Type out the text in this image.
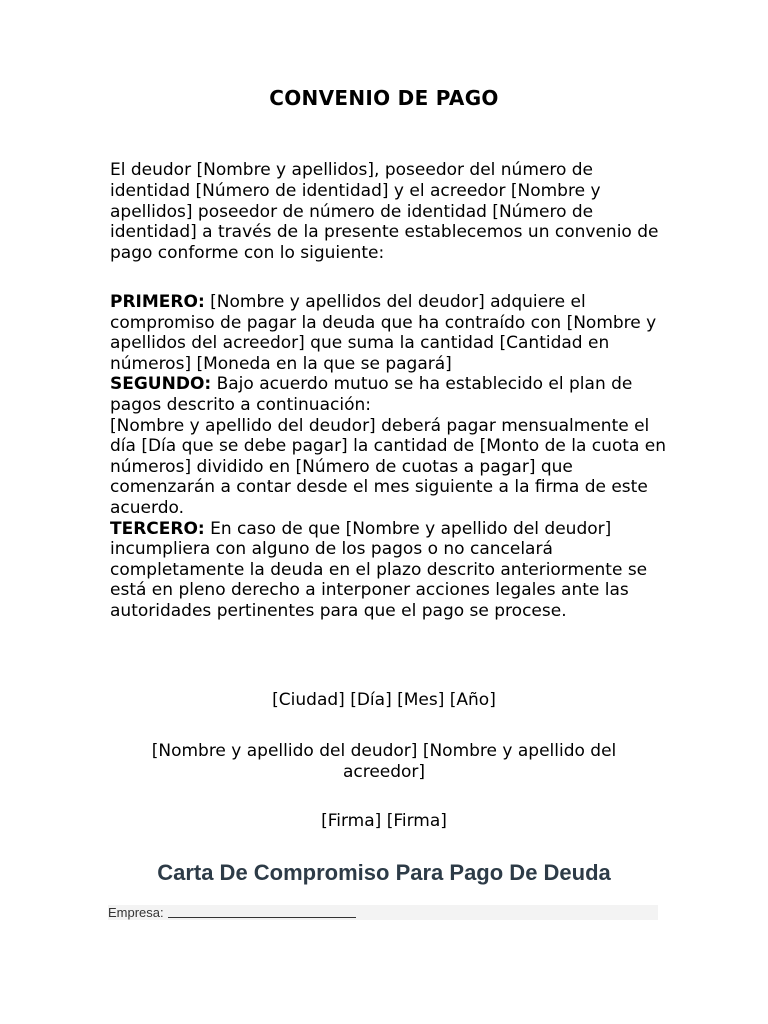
CONVENIO DE PAGO

El deudor [Nombre y apellidos], poseedor del número de identidad [Número de identidad] y el acreedor [Nombre y apellidos] poseedor de número de identidad [Número de identidad] a través de la presente establecemos un convenio de pago conforme con lo siguiente:

PRIMERO: [Nombre y apellidos del deudor] adquiere el compromiso de pagar la deuda que ha contraído con [Nombre y apellidos del acreedor] que suma la cantidad [Cantidad en números] [Moneda en la que se pagará]

SEGUNDO: Bajo acuerdo mutuo se ha establecido el plan de pagos descrito a continuación:

[Nombre y apellido del deudor] deberá pagar mensualmente el día [Día que se debe pagar] la cantidad de [Monto de la cuota en números] dividido en [Número de cuotas a pagar] que comenzarán a contar desde el mes siguiente a la firma de este acuerdo.

TERCERO: En caso de que [Nombre y apellido del deudor] incumpliera con alguno de los pagos o no cancelará completamente la deuda en el plazo descrito anteriormente se está en pleno derecho a interponer acciones legales ante las autoridades pertinentes para que el pago se procese.

[Ciudad] [Día] [Mes] [Año]

[Nombre y apellido del deudor] [Nombre y apellido del acreedor]

[Firma] [Firma]

Carta De Compromiso Para Pago De Deuda
Empresa:
